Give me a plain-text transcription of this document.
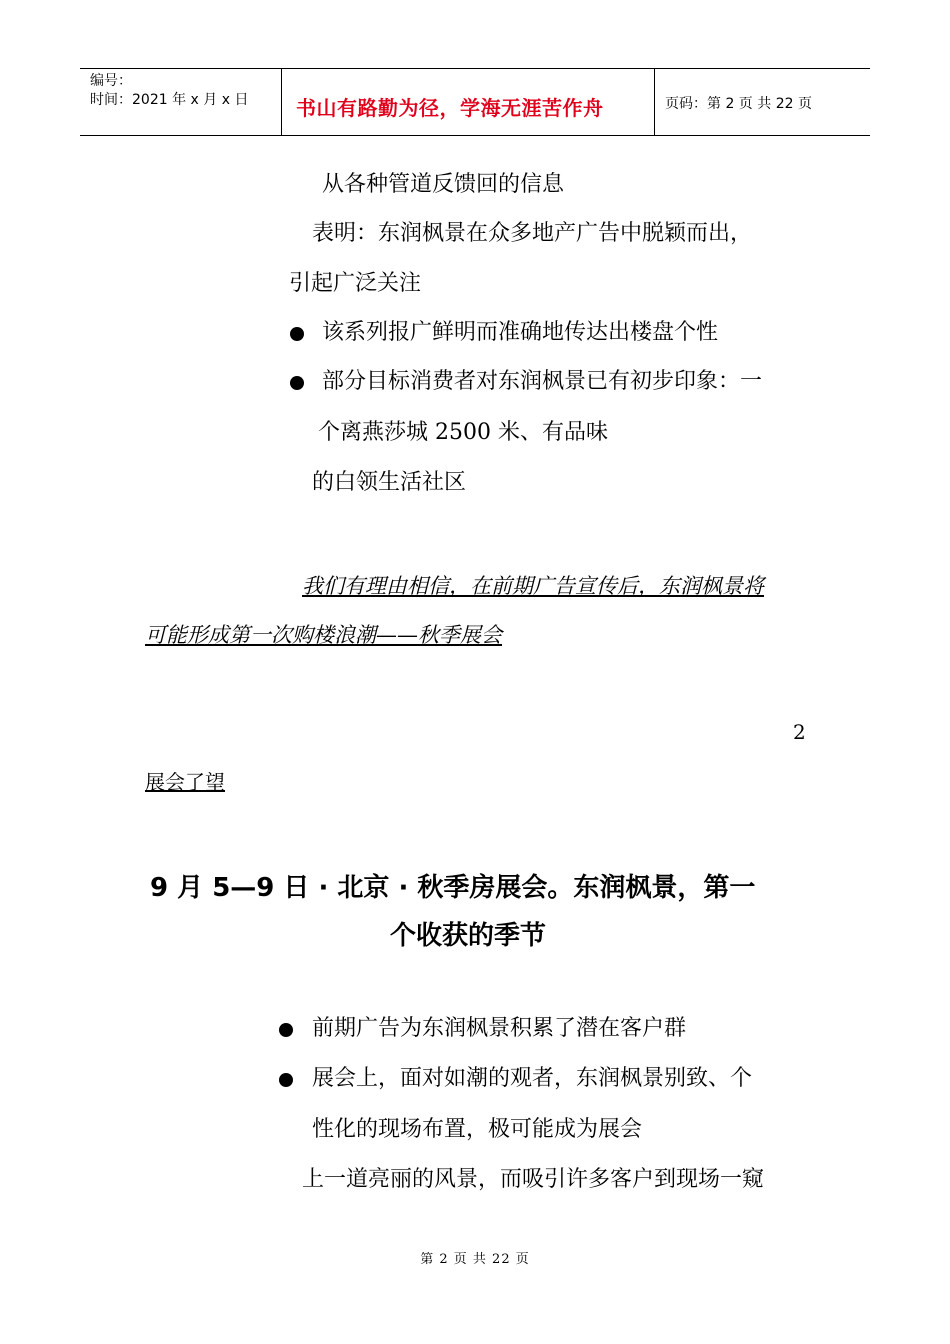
编号：
时间：2021 年 x 月 x 日 书山有路勤为径，学海无涯苦作舟	页码：第 2 页 共 22 页
从各种管道反馈回的信息
表明：东润枫景在众多地产广告中脱颖而出，
引起广泛关注
该系列报广鲜明而准确地传达出楼盘个性
部分目标消费者对东润枫景已有初步印象：一
个离燕莎城 2500 米、有品味
的白领生活社区
我们有理由相信，在前期广告宣传后，东润枫景将
可能形成第一次购楼浪潮——秋季展会
2
展会了望
9 月 5—9 日 · 北京 · 秋季房展会。东润枫景，第一
个收获的季节
前期广告为东润枫景积累了潜在客户群
展会上，面对如潮的观者，东润枫景别致、个
性化的现场布置，极可能成为展会
上一道亮丽的风景，而吸引许多客户到现场一窥
第 2 页 共 22 页
